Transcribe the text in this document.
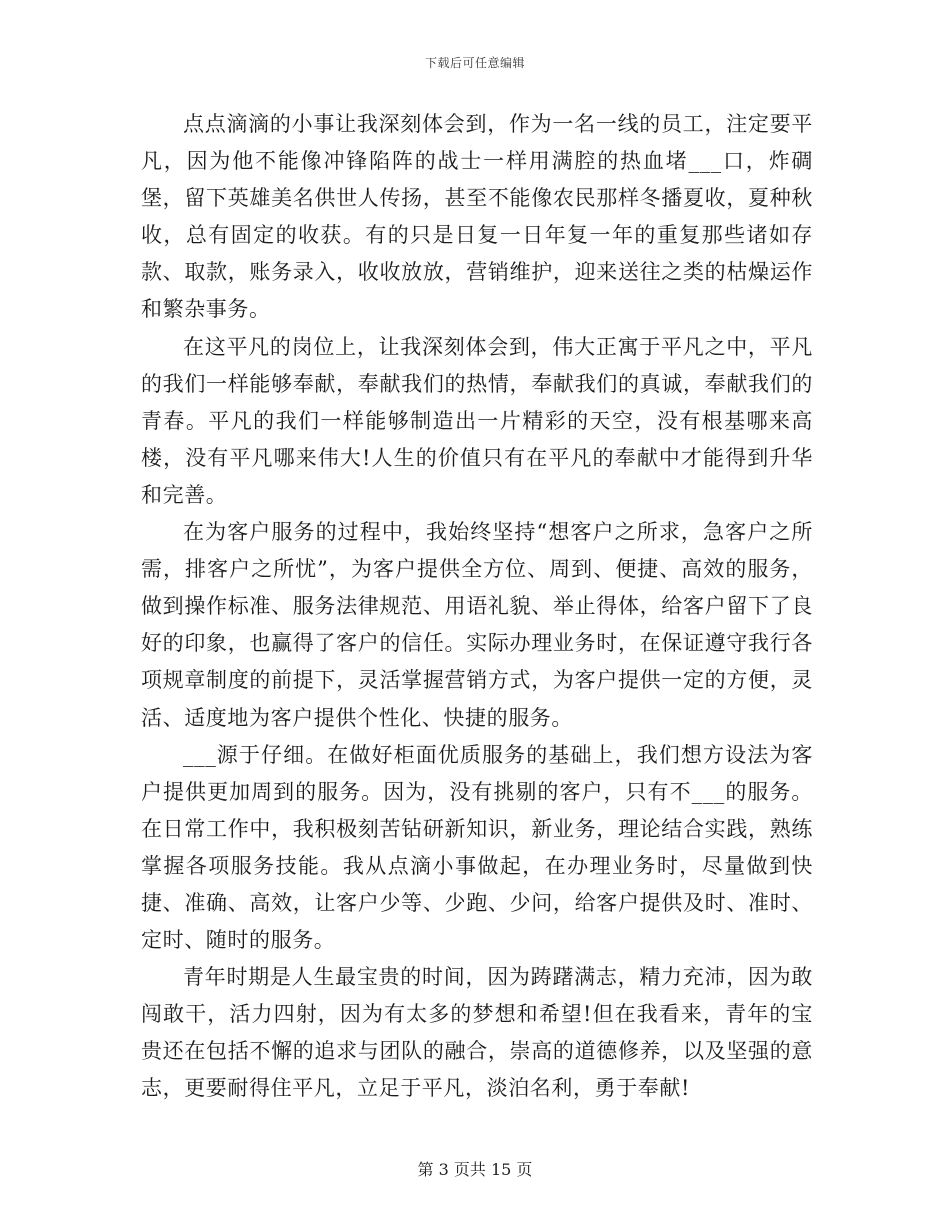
下载后可任意编辑

点点滴滴的小事让我深刻体会到，作为一名一线的员工，注定要平凡，因为他不能像冲锋陷阵的战士一样用满腔的热血堵___口，炸碉堡，留下英雄美名供世人传扬，甚至不能像农民那样冬播夏收，夏种秋收，总有固定的收获。有的只是日复一日年复一年的重复那些诸如存款、取款，账务录入，收收放放，营销维护，迎来送往之类的枯燥运作和繁杂事务。

在这平凡的岗位上，让我深刻体会到，伟大正寓于平凡之中，平凡的我们一样能够奉献，奉献我们的热情，奉献我们的真诚，奉献我们的青春。平凡的我们一样能够制造出一片精彩的天空，没有根基哪来高楼，没有平凡哪来伟大!人生的价值只有在平凡的奉献中才能得到升华和完善。

在为客户服务的过程中，我始终坚持“想客户之所求，急客户之所需，排客户之所忧”，为客户提供全方位、周到、便捷、高效的服务，做到操作标准、服务法律规范、用语礼貌、举止得体，给客户留下了良好的印象，也赢得了客户的信任。实际办理业务时，在保证遵守我行各项规章制度的前提下，灵活掌握营销方式，为客户提供一定的方便，灵活、适度地为客户提供个性化、快捷的服务。

___源于仔细。在做好柜面优质服务的基础上，我们想方设法为客户提供更加周到的服务。因为，没有挑剔的客户，只有不___的服务。在日常工作中，我积极刻苦钻研新知识，新业务，理论结合实践，熟练掌握各项服务技能。我从点滴小事做起，在办理业务时，尽量做到快捷、准确、高效，让客户少等、少跑、少问，给客户提供及时、准时、定时、随时的服务。

青年时期是人生最宝贵的时间，因为踌躇满志，精力充沛，因为敢闯敢干，活力四射，因为有太多的梦想和希望!但在我看来，青年的宝贵还在包括不懈的追求与团队的融合，崇高的道德修养，以及坚强的意志，更要耐得住平凡，立足于平凡，淡泊名利，勇于奉献!

第 3 页共 15 页
